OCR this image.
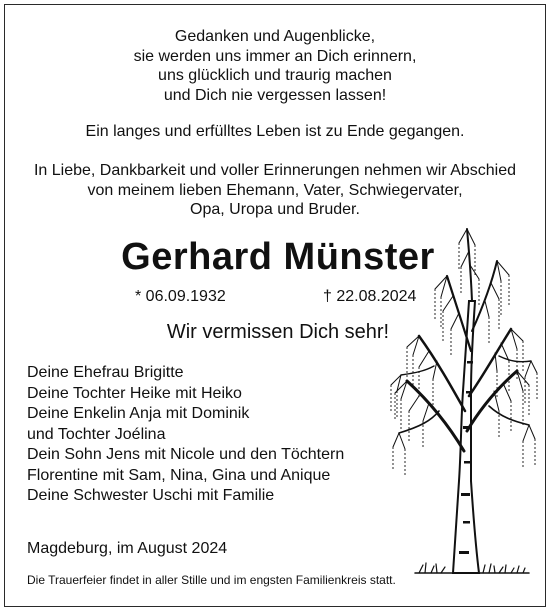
Gedanken und Augenblicke,
sie werden uns immer an Dich erinnern,
uns glücklich und traurig machen
und Dich nie vergessen lassen!
Ein langes und erfülltes Leben ist zu Ende gegangen.
In Liebe, Dankbarkeit und voller Erinnerungen nehmen wir Abschied
von meinem lieben Ehemann, Vater, Schwiegervater,
Opa, Uropa und Bruder.
Gerhard Münster
* 06.09.1932	† 22.08.2024
Wir vermissen Dich sehr!
Deine Ehefrau Brigitte
Deine Tochter Heike mit Heiko
Deine Enkelin Anja mit Dominik
und Tochter Joélina
Dein Sohn Jens mit Nicole und den Töchtern
Florentine mit Sam, Nina, Gina und Anique
Deine Schwester Uschi mit Familie
Magdeburg, im August 2024
Die Trauerfeier findet in aller Stille und im engsten Familienkreis statt.
